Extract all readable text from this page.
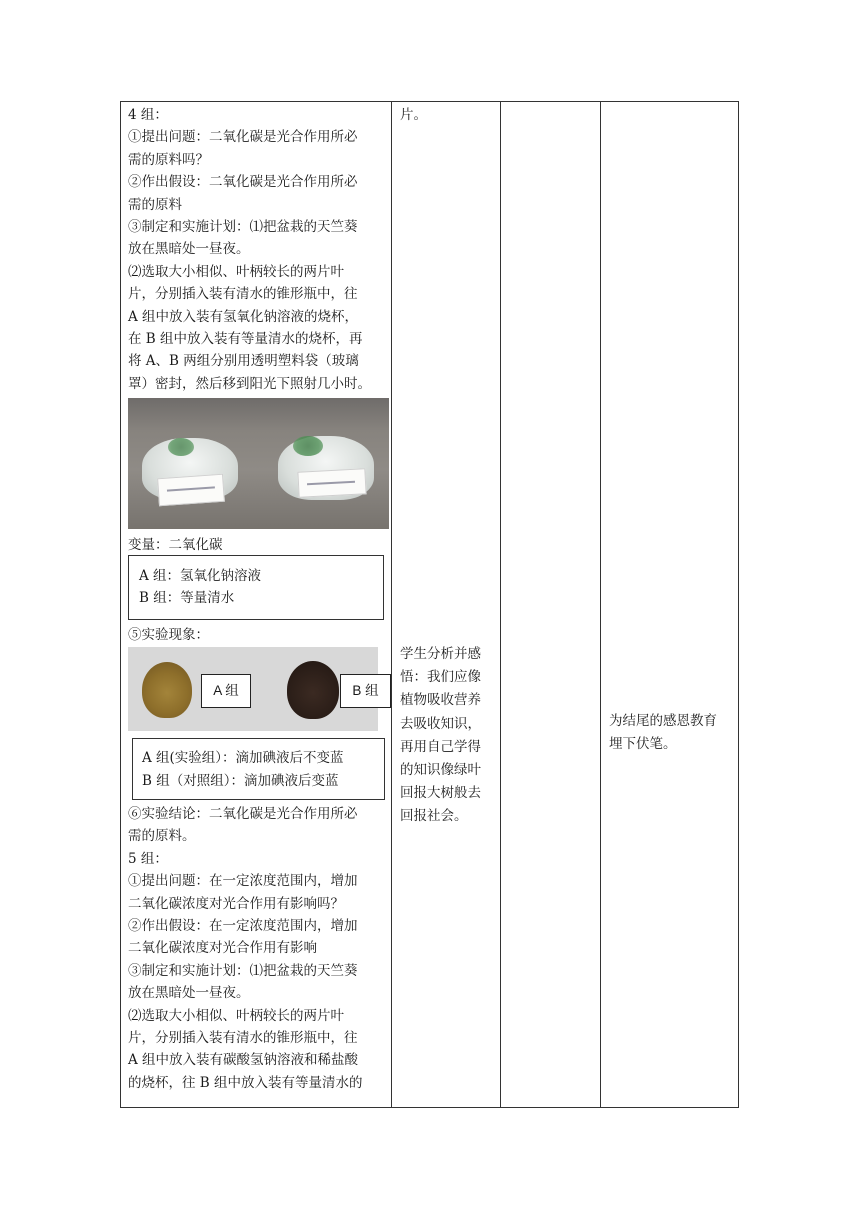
4 组：

①提出问题：二氧化碳是光合作用所必

需的原料吗？

②作出假设：二氧化碳是光合作用所必

需的原料

③制定和实施计划：⑴把盆栽的天竺葵

放在黑暗处一昼夜。

⑵选取大小相似、叶柄较长的两片叶

片，分别插入装有清水的锥形瓶中，往

A 组中放入装有氢氧化钠溶液的烧杯，

在 B 组中放入装有等量清水的烧杯，再

将 A、B 两组分别用透明塑料袋（玻璃

罩）密封，然后移到阳光下照射几小时。

变量：二氧化碳
A 组：氢氧化钠溶液
B 组：等量清水
⑤实验现象：
A 组	B 组
A 组(实验组）：滴加碘液后不变蓝
B 组（对照组）：滴加碘液后变蓝

⑥实验结论：二氧化碳是光合作用所必

需的原料。

5 组：

①提出问题：在一定浓度范围内，增加

二氧化碳浓度对光合作用有影响吗？

②作出假设：在一定浓度范围内，增加

二氧化碳浓度对光合作用有影响

③制定和实施计划：⑴把盆栽的天竺葵

放在黑暗处一昼夜。

⑵选取大小相似、叶柄较长的两片叶

片，分别插入装有清水的锥形瓶中，往

A 组中放入装有碳酸氢钠溶液和稀盐酸

的烧杯，往 B 组中放入装有等量清水的

片。

学生分析并感

悟：我们应像

植物吸收营养

去吸收知识，

再用自己学得

的知识像绿叶

回报大树般去

回报社会。

为结尾的感恩教育

埋下伏笔。
